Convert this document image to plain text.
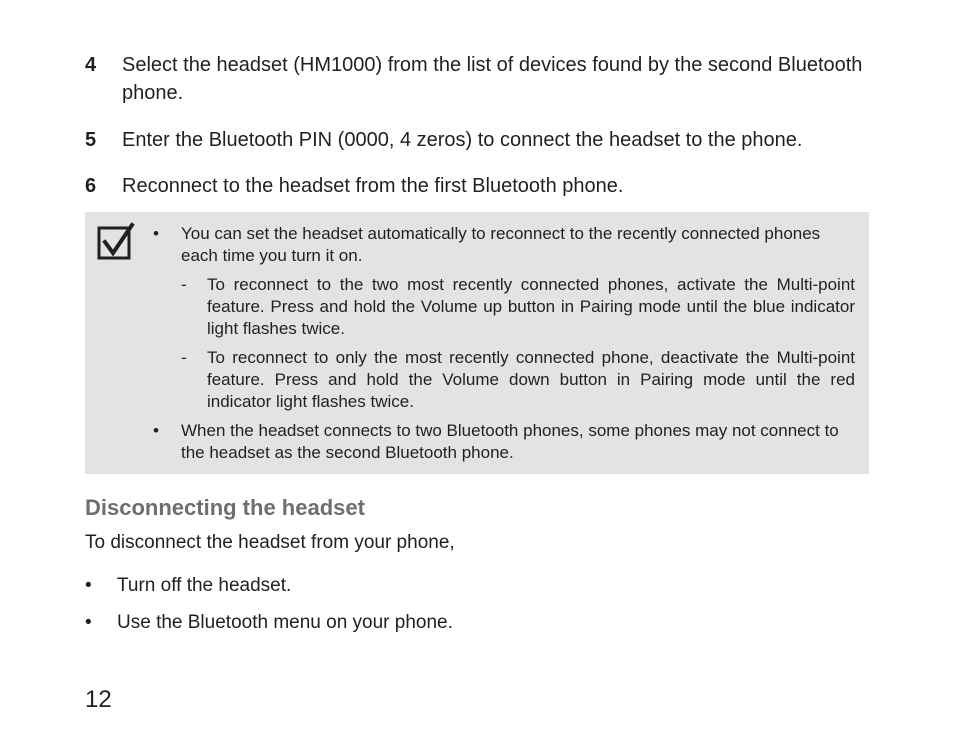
4 Select the headset (HM1000) from the list of devices found by the second Bluetooth phone.
5 Enter the Bluetooth PIN (0000, 4 zeros) to connect the headset to the phone.
6 Reconnect to the headset from the first Bluetooth phone.
• You can set the headset automatically to reconnect to the recently connected phones each time you turn it on.
- To reconnect to the two most recently connected phones, activate the Multi-point feature. Press and hold the Volume up button in Pairing mode until the blue indicator light flashes twice.
- To reconnect to only the most recently connected phone, deactivate the Multi-point feature. Press and hold the Volume down button in Pairing mode until the red indicator light flashes twice.
• When the headset connects to two Bluetooth phones, some phones may not connect to the headset as the second Bluetooth phone.
Disconnecting the headset
To disconnect the headset from your phone,
• Turn off the headset.
• Use the Bluetooth menu on your phone.
12
